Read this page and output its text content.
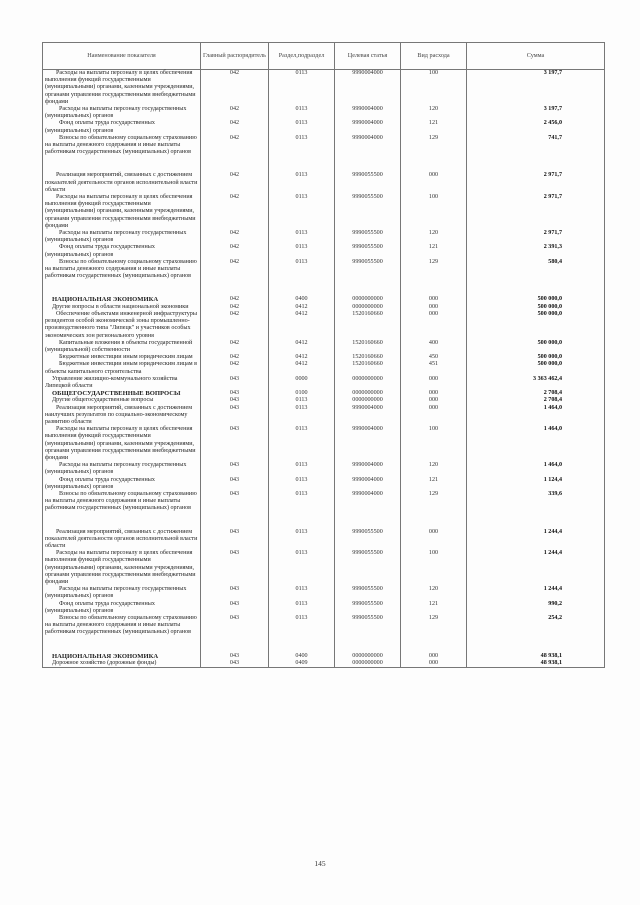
Наименование показателя	Главный распорядитель	Раздел,подраздел	Целевая статья	Вид расхода	Сумма

Расходы на выплаты персоналу в целях обеспечения выполнения функций государственными (муниципальными) органами, казенными учреждениями, органами управления государственными внебюджетными фондами	042	0113	9990004000	100	3 197,7

Расходы на выплаты персоналу государственных (муниципальных) органов	042	0113	9990004000	120	3 197,7

Фонд оплаты труда государственных (муниципальных) органов	042	0113	9990004000	121	2 456,0

Взносы по обязательному социальному страхованию на выплаты денежного содержания и иные выплаты работникам государственных (муниципальных) органов	042	0113	9990004000	129	741,7

Реализация мероприятий, связанных с достижением показателей деятельности органов исполнительной власти области	042	0113	9990055500	000	2 971,7

Расходы на выплаты персоналу в целях обеспечения выполнения функций государственными (муниципальными) органами, казенными учреждениями, органами управления государственными внебюджетными фондами	042	0113	9990055500	100	2 971,7

Расходы на выплаты персоналу государственных (муниципальных) органов	042	0113	9990055500	120	2 971,7

Фонд оплаты труда государственных (муниципальных) органов	042	0113	9990055500	121	2 391,3

Взносы по обязательному социальному страхованию на выплаты денежного содержания и иные выплаты работникам государственных (муниципальных) органов	042	0113	9990055500	129	580,4

НАЦИОНАЛЬНАЯ ЭКОНОМИКА	042	0400	0000000000	000	500 000,0

Другие вопросы в области национальной экономики	042	0412	0000000000	000	500 000,0

Обеспечение объектами инженерной инфраструктуры резидентов особой экономической зоны промышленно-производственного типа "Липецк" и участников особых экономических зон регионального уровня	042	0412	1520160660	000	500 000,0

Капитальные вложения в объекты государственной (муниципальной) собственности	042	0412	1520160660	400	500 000,0

Бюджетные инвестиции иным юридическим лицам	042	0412	1520160660	450	500 000,0

Бюджетные инвестиции иным юридическим лицам в объекты капитального строительства	042	0412	1520160660	451	500 000,0

Управление жилищно-коммунального хозяйства Липецкой области	043	0000	0000000000	000	3 363 462,4

ОБЩЕГОСУДАРСТВЕННЫЕ ВОПРОСЫ	043	0100	0000000000	000	2 708,4

Другие общегосударственные вопросы	043	0113	0000000000	000	2 708,4

Реализация мероприятий, связанных с достижением наилучших результатов по социально-экономическому развитию области	043	0113	9990004000	000	1 464,0

Расходы на выплаты персоналу в целях обеспечения выполнения функций государственными (муниципальными) органами, казенными учреждениями, органами управления государственными внебюджетными фондами	043	0113	9990004000	100	1 464,0

Расходы на выплаты персоналу государственных (муниципальных) органов	043	0113	9990004000	120	1 464,0

Фонд оплаты труда государственных (муниципальных) органов	043	0113	9990004000	121	1 124,4

Взносы по обязательному социальному страхованию на выплаты денежного содержания и иные выплаты работникам государственных (муниципальных) органов	043	0113	9990004000	129	339,6

Реализация мероприятий, связанных с достижением показателей деятельности органов исполнительной власти области	043	0113	9990055500	000	1 244,4

Расходы на выплаты персоналу в целях обеспечения выполнения функций государственными (муниципальными) органами, казенными учреждениями, органами управления государственными внебюджетными фондами	043	0113	9990055500	100	1 244,4

Расходы на выплаты персоналу государственных (муниципальных) органов	043	0113	9990055500	120	1 244,4

Фонд оплаты труда государственных (муниципальных) органов	043	0113	9990055500	121	990,2

Взносы по обязательному социальному страхованию на выплаты денежного содержания и иные выплаты работникам государственных (муниципальных) органов	043	0113	9990055500	129	254,2

НАЦИОНАЛЬНАЯ ЭКОНОМИКА	043	0400	0000000000	000	48 938,1

Дорожное хозяйство (дорожные фонды)	043	0409	0000000000	000	48 938,1
145
